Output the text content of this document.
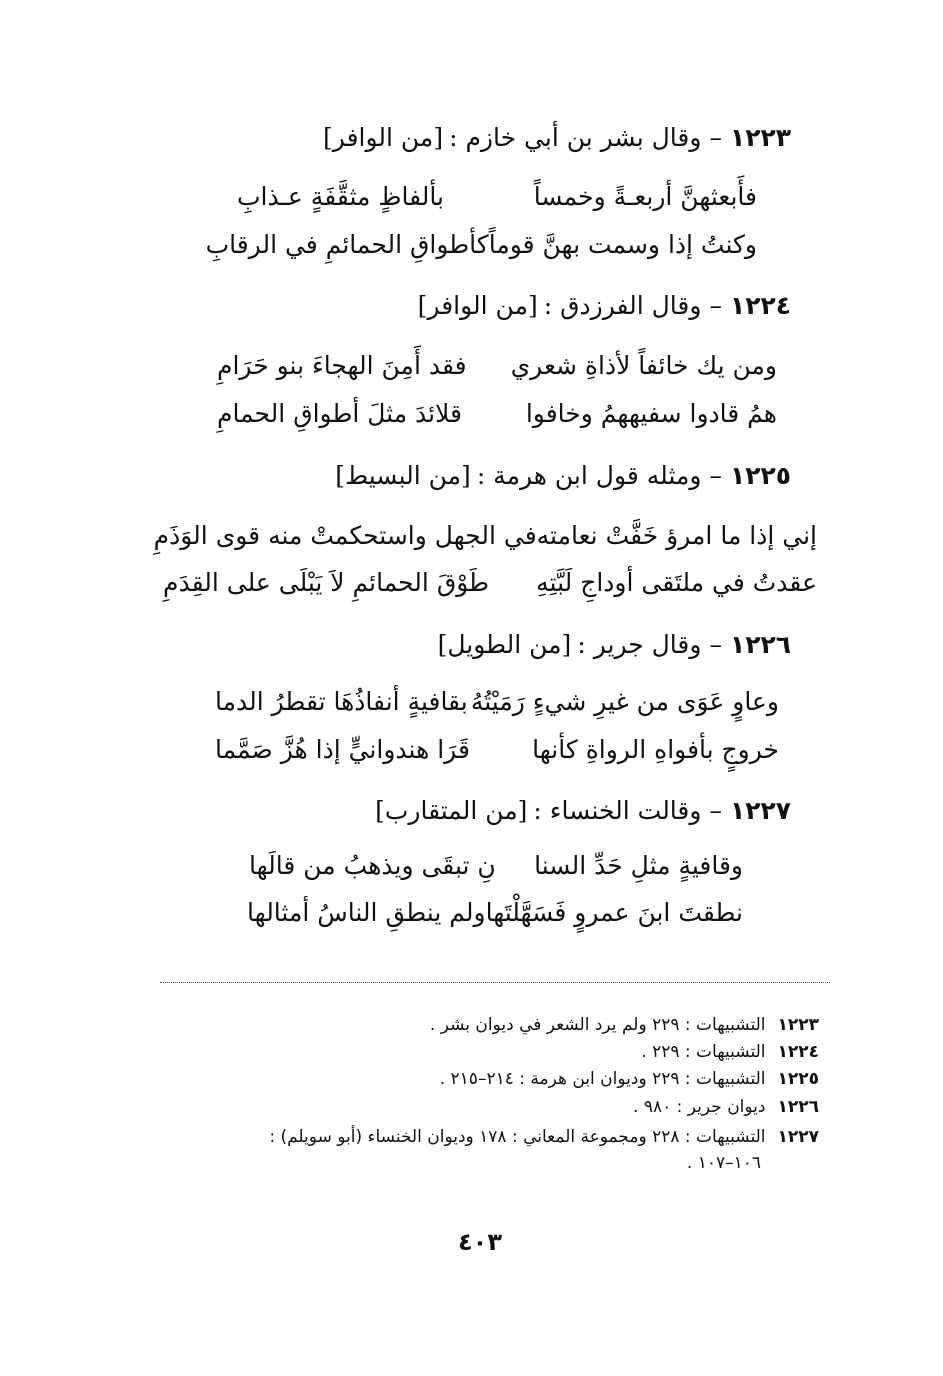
١٢٢٣–وقال بشر بن أبي خازم :[من الوافر]
فأَبعثهنَّ أربعـةً وخمساً
بألفاظٍ مثقَّفَةٍ عـذابِ
وكنتُ إذا وسمت بهنَّ قوماً
كأطواقِ الحمائمِ في الرقابِ
١٢٢٤–وقال الفرزدق :[من الوافر]
ومن يك خائفاً لأذاةِ شعري
فقد أَمِنَ الهجاءَ بنو حَرَامِ
همُ قادوا سفيههمُ وخافوا
قلائدَ مثلَ أطواقِ الحمامِ
١٢٢٥–ومثله قول ابن هرمة :[من البسيط]
إني إذا ما امرؤ خَفَّتْ نعامته
في الجهل واستحكمتْ منه قوى الوَذَمِ
عقدتُ في ملتَقى أوداجِ لَبَّتِهِ
طَوْقَ الحمائمِ لاَ يَبْلَى على القِدَمِ
١٢٢٦–وقال جرير :[من الطويل]
وعاوٍ عَوَى من غيرِ شيءٍ رَمَيْتُهُ
بقافيةٍ أنفاذُهَا تقطرُ الدما
خروجٍ بأفواهِ الرواةِ كأنها
قَرَا هندوانيٍّ إذا هُزَّ صَمَّما
١٢٢٧–وقالت الخنساء :[من المتقارب]
وقافيةٍ مثلِ حَدِّ السنا
نِ تبقَى ويذهبُ من قالَها
نطقتَ ابنَ عمروٍ فَسَهَّلْتَها
ولم ينطقِ الناسُ أمثالها
١٢٢٣التشبيهات : ٢٢٩ ولم يرد الشعر في ديوان بشر .
١٢٢٤التشبيهات : ٢٢٩ .
١٢٢٥التشبيهات : ٢٢٩ وديوان ابن هرمة : ٢١٤–٢١٥ .
١٢٢٦ديوان جرير : ٩٨٠ .
١٢٢٧التشبيهات : ٢٢٨ ومجموعة المعاني : ١٧٨ وديوان الخنساء (أبو سويلم) :
١٠٦–١٠٧ .
٤٠٣
